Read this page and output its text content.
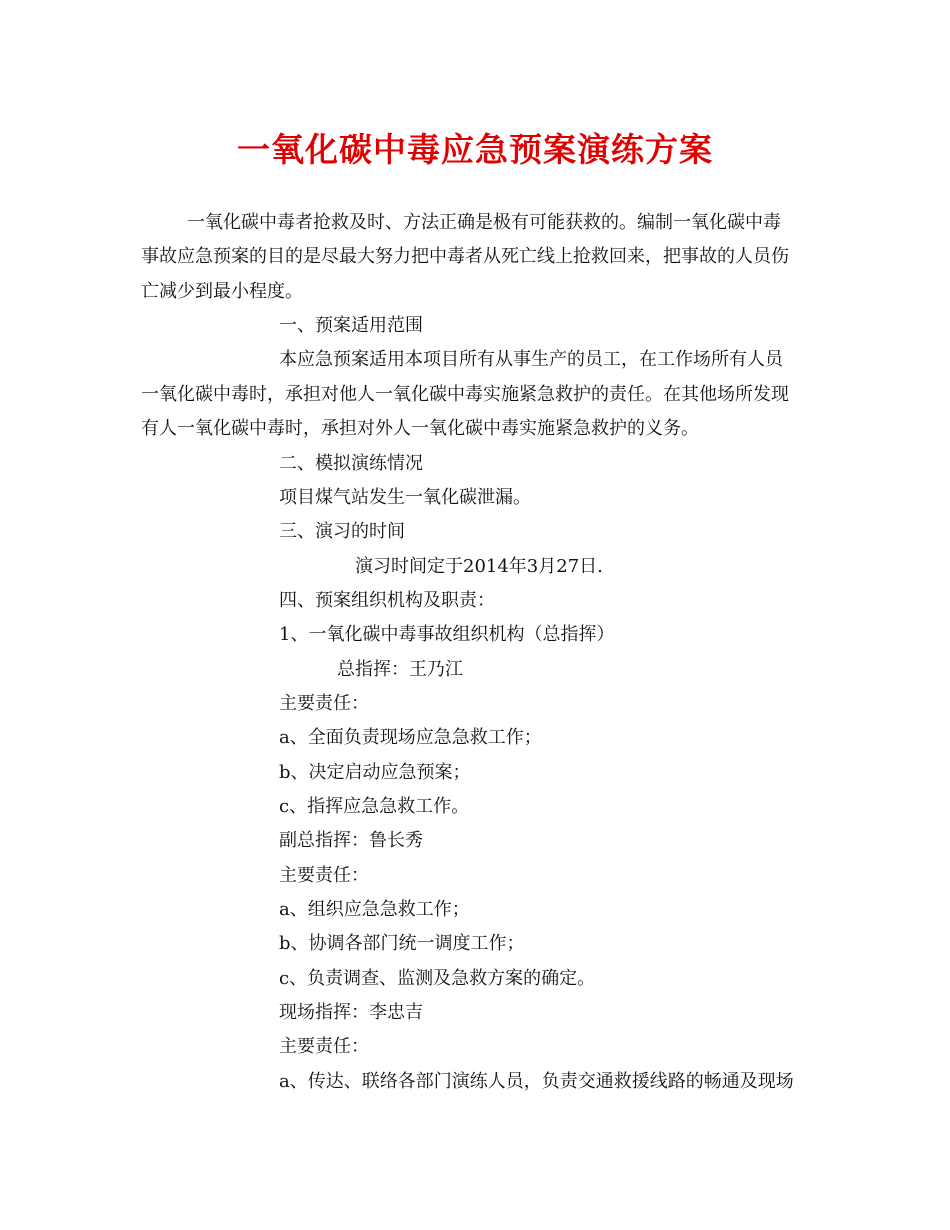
一氧化碳中毒应急预案演练方案

一氧化碳中毒者抢救及时、方法正确是极有可能获救的。编制一氧化碳中毒

事故应急预案的目的是尽最大努力把中毒者从死亡线上抢救回来，把事故的人员伤

亡减少到最小程度。

一、预案适用范围

本应急预案适用本项目所有从事生产的员工，在工作场所有人员

一氧化碳中毒时，承担对他人一氧化碳中毒实施紧急救护的责任。在其他场所发现

有人一氧化碳中毒时，承担对外人一氧化碳中毒实施紧急救护的义务。

二、模拟演练情况

项目煤气站发生一氧化碳泄漏。

三、演习的时间

演习时间定于2014年3月27日.

四、预案组织机构及职责：

1、一氧化碳中毒事故组织机构（总指挥）

总指挥：王乃江

主要责任：

a、全面负责现场应急急救工作；

b、决定启动应急预案；

c、指挥应急急救工作。

副总指挥：鲁长秀

主要责任：

a、组织应急急救工作；

b、协调各部门统一调度工作；

c、负责调查、监测及急救方案的确定。

现场指挥：李忠吉

主要责任：

a、传达、联络各部门演练人员，负责交通救援线路的畅通及现场
